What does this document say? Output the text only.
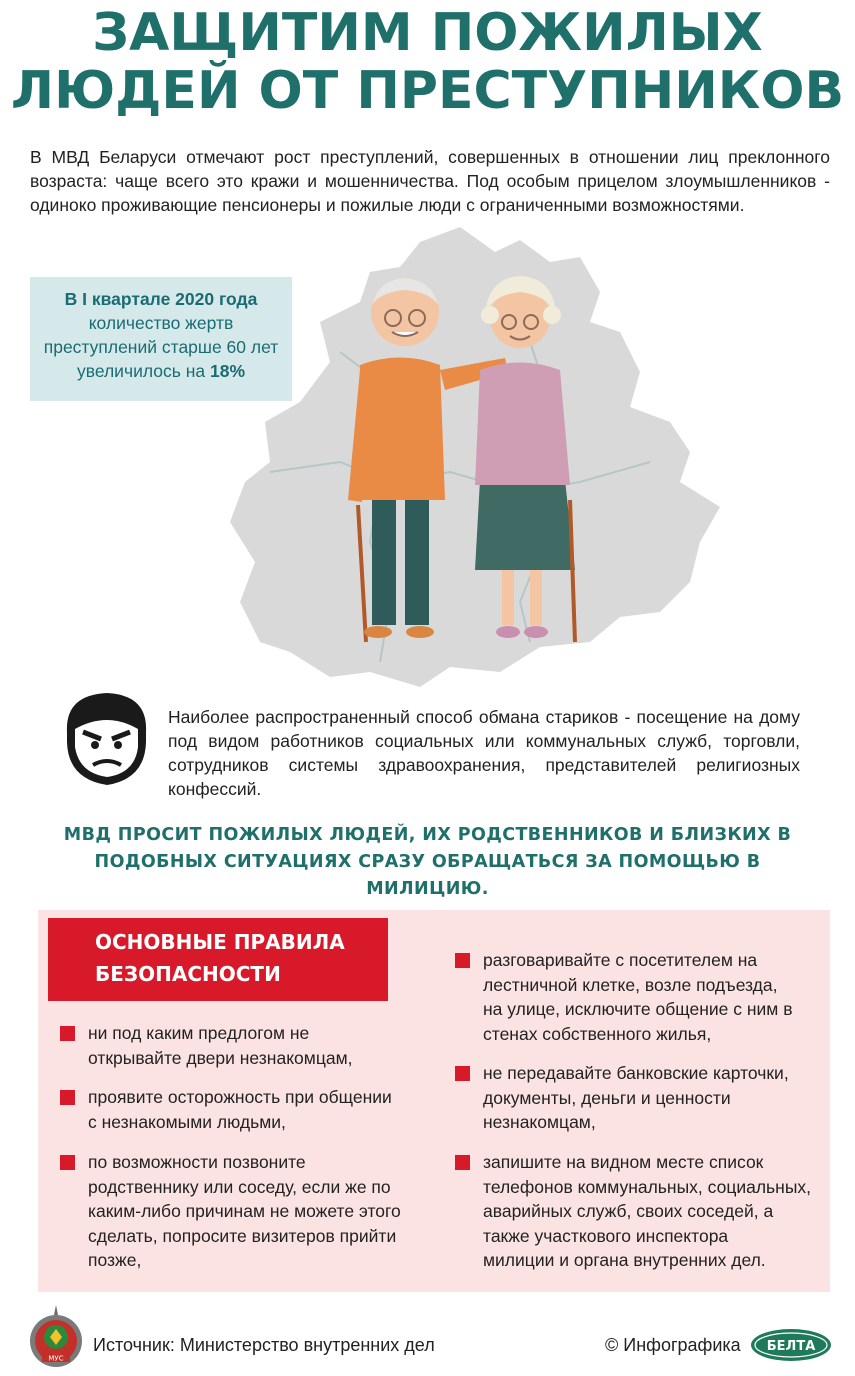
ЗАЩИТИМ ПОЖИЛЫХ
ЛЮДЕЙ ОТ ПРЕСТУПНИКОВ
В МВД Беларуси отмечают рост преступлений, совершенных в отношении лиц преклонного возраста: чаще всего это кражи и мошенничества. Под особым прицелом злоумышленников - одиноко проживающие пенсионеры и пожилые люди с ограниченными возможностями.
В I квартале 2020 года
количество жертв
преступлений старше 60 лет
увеличилось на 18%
Наиболее распространенный способ обмана стариков - посещение на дому под видом работников социальных или коммунальных служб, торговли, сотрудников системы здравоохранения, представителей религиозных конфессий.
МВД ПРОСИТ ПОЖИЛЫХ ЛЮДЕЙ, ИХ РОДСТВЕННИКОВ И БЛИЗКИХ В
ПОДОБНЫХ СИТУАЦИЯХ СРАЗУ ОБРАЩАТЬСЯ ЗА ПОМОЩЬЮ В МИЛИЦИЮ.
ОСНОВНЫЕ ПРАВИЛА
БЕЗОПАСНОСТИ
ни под каким предлогом не
открывайте двери незнакомцам,
проявите осторожность при общении
с незнакомыми людьми,
по возможности позвоните
родственнику или соседу, если же по
каким-либо причинам не можете этого
сделать, попросите визитеров прийти
позже,
разговаривайте с посетителем на
лестничной клетке, возле подъезда,
на улице, исключите общение с ним в
стенах собственного жилья,
не передавайте банковские карточки,
документы, деньги и ценности
незнакомцам,
запишите на видном месте список
телефонов коммунальных, социальных,
аварийных служб, своих соседей, а
также участкового инспектора
милиции и органа внутренних дел.
МУС
Источник: Министерство внутренних дел	© Инфографика БЕЛТА
